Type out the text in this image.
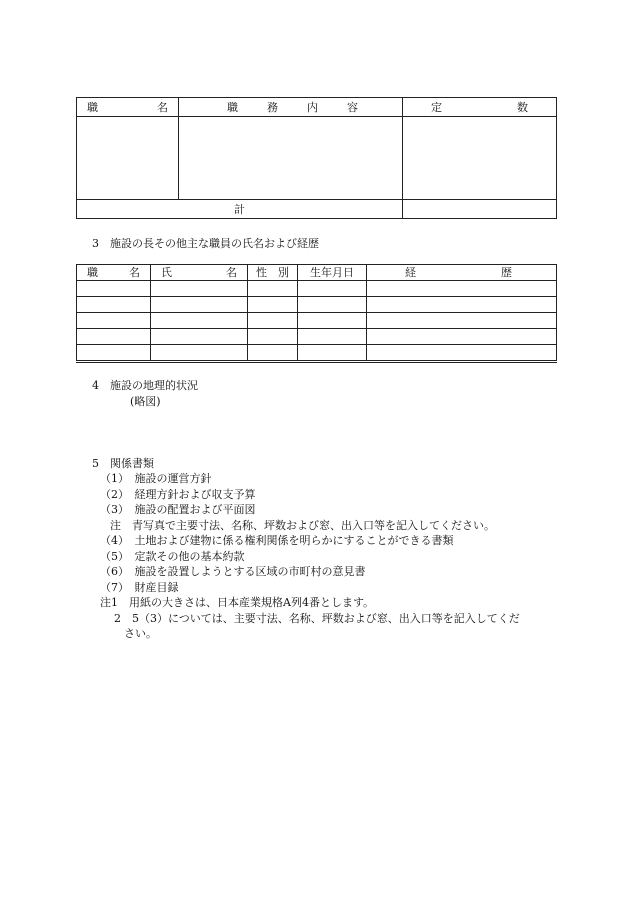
職 名	職 務 内 容	定 数

計		
3　施設の長その他主な職員の氏名および経歴
職 名	氏 名	性　別	生年月日	経 歴

4　施設の地理的状況
(略図)
5　関係書類
（1）　施設の運営方針
（2）　経理方針および収支予算
（3）　施設の配置および平面図
注　青写真で主要寸法、名称、坪数および窓、出入口等を記入してください。
（4）　土地および建物に係る権利関係を明らかにすることができる書類
（5）　定款その他の基本約款
（6）　施設を設置しようとする区域の市町村の意見書
（7）　財産目録
注1　用紙の大きさは、日本産業規格A列4番とします。
2　5（3）については、主要寸法、名称、坪数および窓、出入口等を記入してくだ
さい。
